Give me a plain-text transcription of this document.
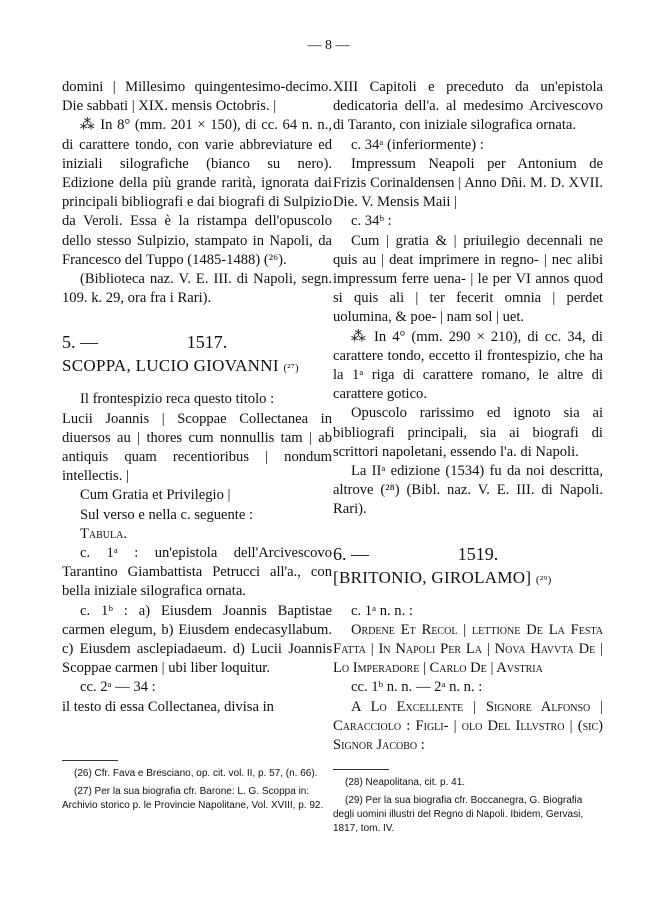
— 8 —

domini | Millesimo quingentesimo-decimo. Die sabbati | XIX. mensis Octobris. |

⁂ In 8° (mm. 201 × 150), di cc. 64 n. n., di carattere tondo, con varie abbreviature ed iniziali silografiche (bianco su nero). Edizione della più grande rarità, ignorata dai principali bibliografi e dai biografi di Sulpizio da Veroli. Essa è la ristampa dell'opuscolo dello stesso Sulpizio, stampato in Napoli, da Francesco del Tuppo (1485-1488) (²⁶).

(Biblioteca naz. V. E. III. di Napoli, segn. 109. k. 29, ora fra i Rari).

5. —	1517.
SCOPPA, LUCIO GIOVANNI (²⁷)

Il frontespizio reca questo titolo :

Lucii Joannis | Scoppae Collectanea in diuersos au | thores cum nonnullis tam | ab antiquis quam recentioribus | nondum intellectis. |

Cum Gratia et Privilegio |

Sul verso e nella c. seguente :

Tabula.

c. 1ᵃ : un'epistola dell'Arcivescovo Tarantino Giambattista Petrucci all'a., con bella iniziale silografica ornata.

c. 1ᵇ : a) Eiusdem Joannis Baptistae carmen elegum, b) Eiusdem endecasyllabum. c) Eiusdem asclepiadaeum. d) Lucii Joannis Scoppae carmen | ubi liber loquitur.

cc. 2ᵃ — 34 :

il testo di essa Collectanea, divisa in

(26) Cfr. Fava e Bresciano, op. cit. vol. II, p. 57, (n. 66).

(27) Per la sua biografia cfr. Barone: L. G. Scoppa in: Archivio storico p. le Provincie Napolitane, Vol. XVIII, p. 92.

XIII Capitoli e preceduto da un'epistola dedicatoria dell'a. al medesimo Arcivescovo di Taranto, con iniziale silografica ornata.

c. 34ᵃ (inferiormente) :

Impressum Neapoli per Antonium de Frizis Corinaldensen | Anno Dñi. M. D. XVII. Die. V. Mensis Maii |

c. 34ᵇ :

Cum | gratia & | priuilegio decennali ne quis au | deat imprimere in regno- | nec alibi impressum ferre uena- | le per VI annos quod si quis ali | ter fecerit omnia | perdet uolumina, & poe- | nam sol | uet.

⁂ In 4° (mm. 290 × 210), di cc. 34, di carattere tondo, eccetto il frontespizio, che ha la 1ᵃ riga di carattere romano, le altre di carattere gotico.

Opuscolo rarissimo ed ignoto sia ai bibliografi principali, sia ai biografi di scrittori napoletani, essendo l'a. di Napoli.

La IIᵃ edizione (1534) fu da noi descritta, altrove (²⁸) (Bibl. naz. V. E. III. di Napoli. Rari).

6. —	1519.
[BRITONIO, GIROLAMO] (²⁹)

c. 1ᵃ n. n. :

Ordene Et Recol | lettione De La Festa Fatta | In Napoli Per La | Nova Havvta De | Lo Imperadore | Carlo De | Avstria

cc. 1ᵇ n. n. — 2ᵃ n. n. :

A Lo Excellente | Signore Alfonso | Caracciolo : Figli- | olo Del Illvstro | (sic) Signor Jacobo :

(28) Neapolitana, cit. p. 41.

(29) Per la sua biografia cfr. Boccanegra, G. Biografia degli uomini illustri del Regno di Napoli. Ibidem, Gervasi, 1817, tom. IV.
